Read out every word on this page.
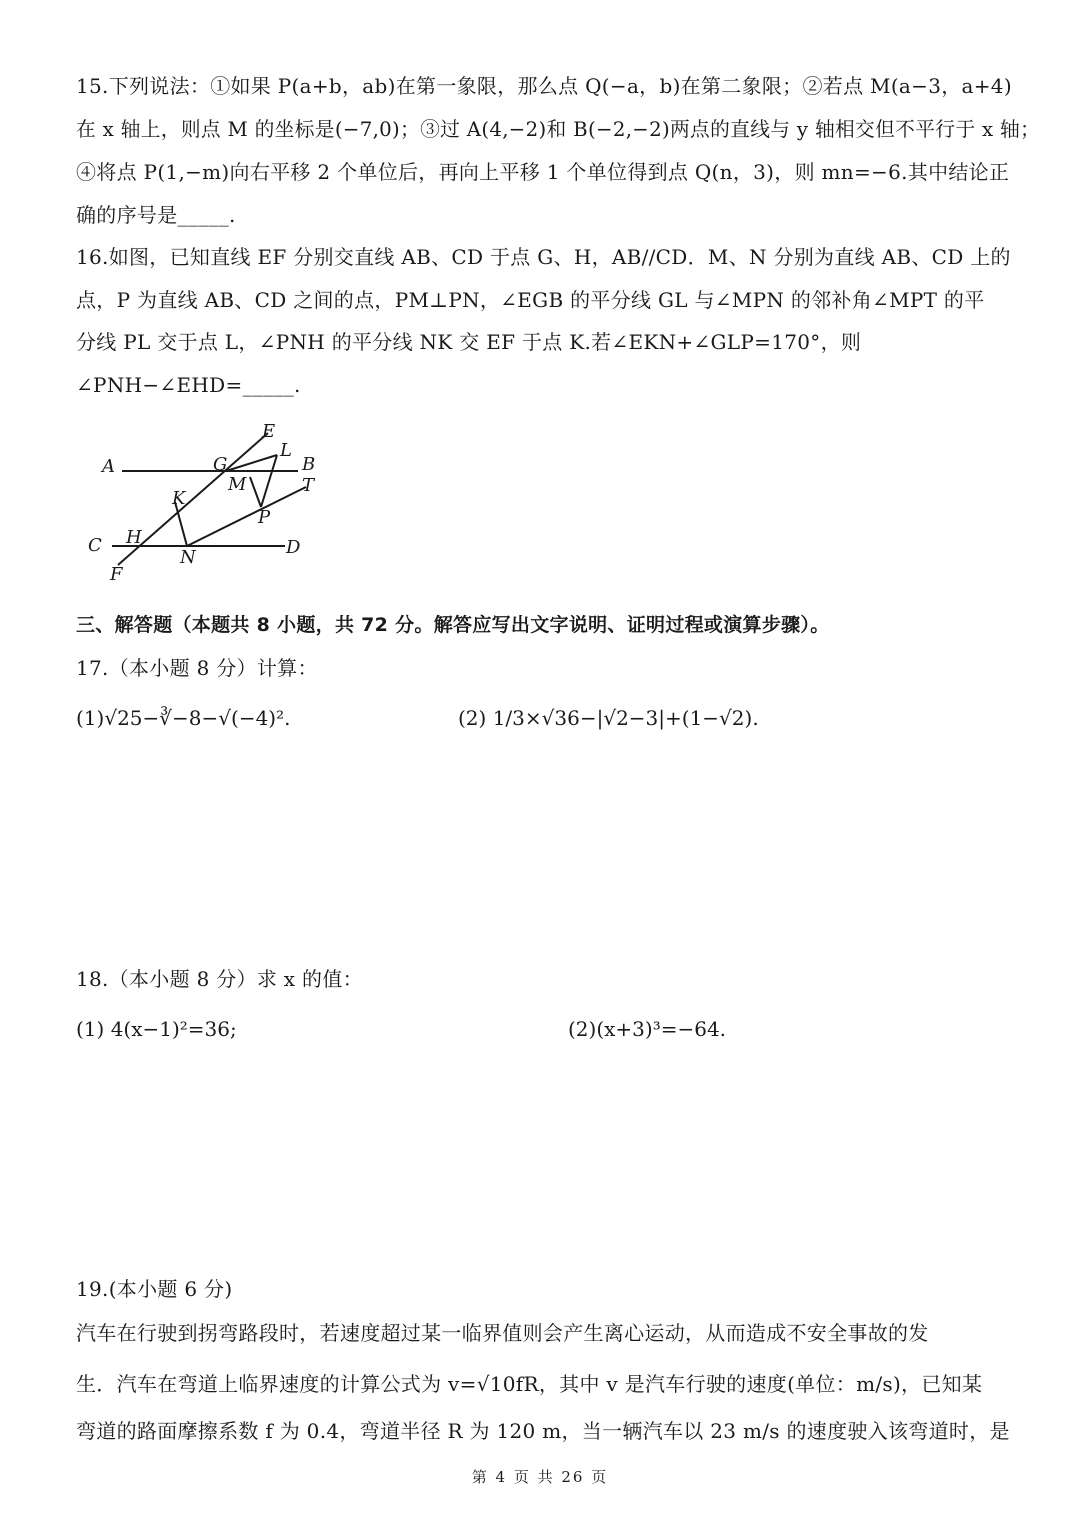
15.下列说法：①如果 P(a+b，ab)在第一象限，那么点 Q(−a，b)在第二象限；②若点 M(a−3，a+4)
在 x 轴上，则点 M 的坐标是(−7,0)；③过 A(4,−2)和 B(−2,−2)两点的直线与 y 轴相交但不平行于 x 轴；
④将点 P(1,−m)向右平移 2 个单位后，再向上平移 1 个单位得到点 Q(n，3)，则 mn=−6.其中结论正
确的序号是_____.
16.如图，已知直线 EF 分别交直线 AB、CD 于点 G、H，AB//CD．M、N 分别为直线 AB、CD 上的
点，P 为直线 AB、CD 之间的点，PM⊥PN，∠EGB 的平分线 GL 与∠MPN 的邻补角∠MPT 的平
分线 PL 交于点 L，∠PNH 的平分线 NK 交 EF 于点 K.若∠EKN+∠GLP=170°，则
∠PNH−∠EHD=_____.
A	B
C	D
E
F
G
H
K
L
M
N
P
T
三、解答题（本题共 8 小题，共 72 分。解答应写出文字说明、证明过程或演算步骤）。
17.（本小题 8 分）计算：
(1)√25−∛−8−√(−4)².	(2) 1/3×√36−|√2−3|+(1−√2).
18.（本小题 8 分）求 x 的值：
(1) 4(x−1)²=36;	(2)(x+3)³=−64.
19.(本小题 6 分)
汽车在行驶到拐弯路段时，若速度超过某一临界值则会产生离心运动，从而造成不安全事故的发
生．汽车在弯道上临界速度的计算公式为 v=√10fR，其中 v 是汽车行驶的速度(单位：m/s)，已知某
弯道的路面摩擦系数 f 为 0.4，弯道半径 R 为 120 m，当一辆汽车以 23 m/s 的速度驶入该弯道时，是
第 4 页 共 26 页
